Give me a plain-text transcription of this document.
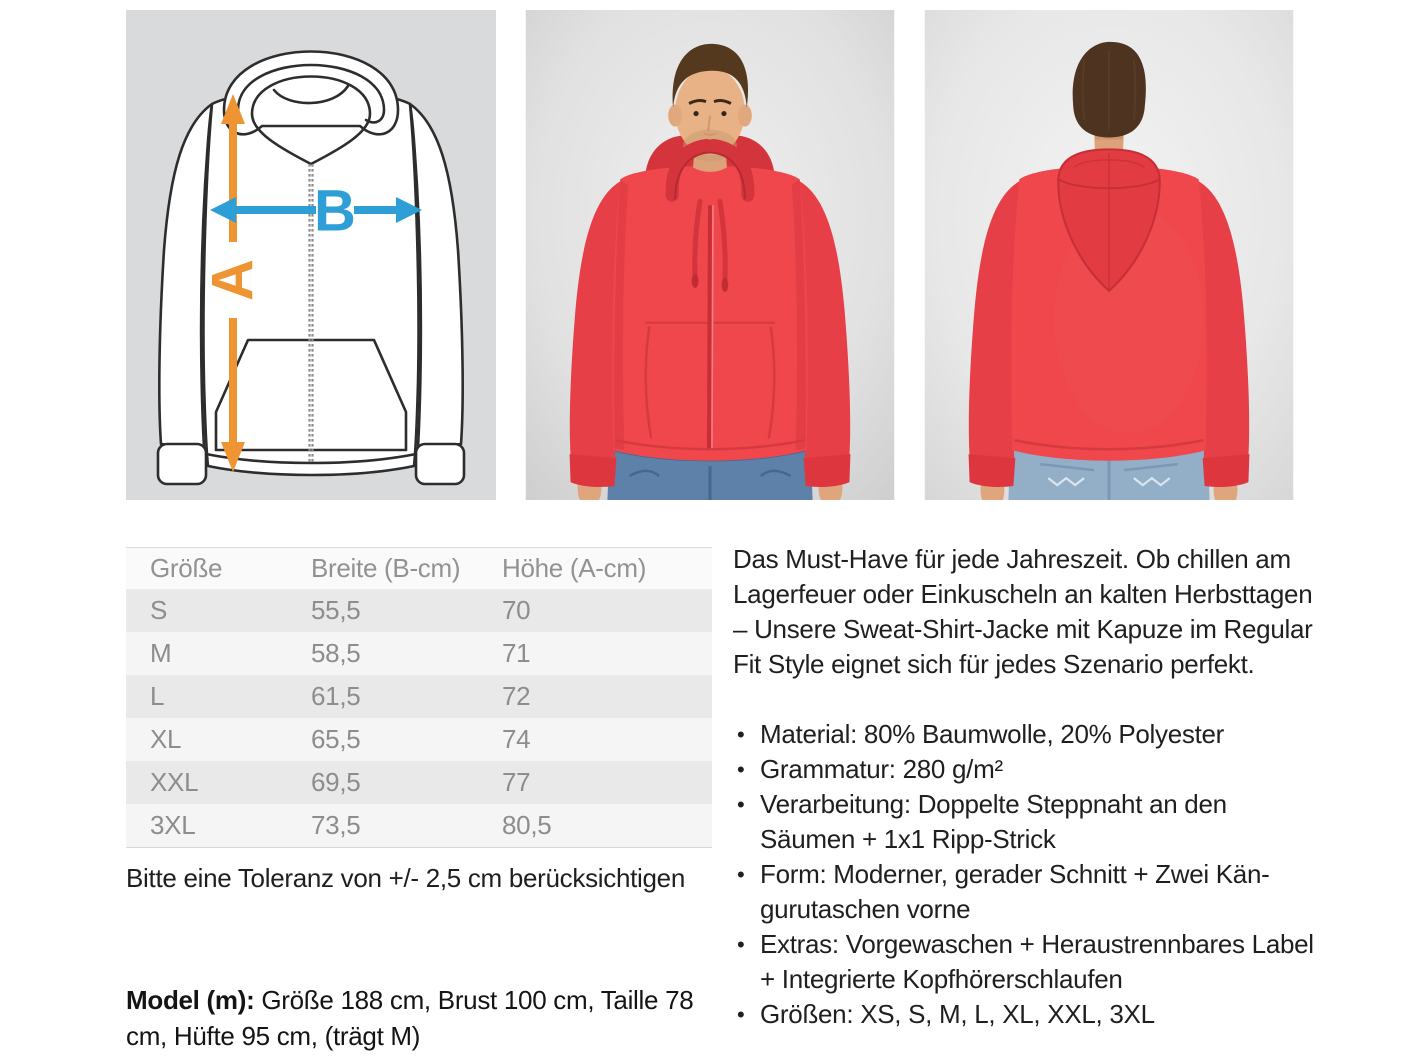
A
B
Größe	Breite (B-cm)	Höhe (A-cm)
S	55,5	70
M	58,5	71
L	61,5	72
XL	65,5	74
XXL	69,5	77
3XL	73,5	80,5
Bitte eine Toleranz von +/- 2,5 cm berücksichtigen
Model (m): Größe 188 cm, Brust 100 cm, Taille 78 cm, Hüfte 95 cm, (trägt M)

Das Must-Have für jede Jahreszeit. Ob chillen am Lagerfeuer oder Einkuscheln an kalten Herbsttagen – Unsere Sweat-Shirt-Jacke mit Kapuze im Regular Fit Style eignet sich für jedes Szenario perfekt.

• Material: 80% Baumwolle, 20% Polyester
• Grammatur: 280 g/m²
• Verarbeitung: Doppelte Steppnaht an den Säumen + 1x1 Ripp-Strick
• Form: Moderner, gerader Schnitt + Zwei Kängurutaschen vorne
• Extras: Vorgewaschen + Heraustrennbares Label + Integrierte Kopfhörerschlaufen
• Größen: XS, S, M, L, XL, XXL, 3XL
